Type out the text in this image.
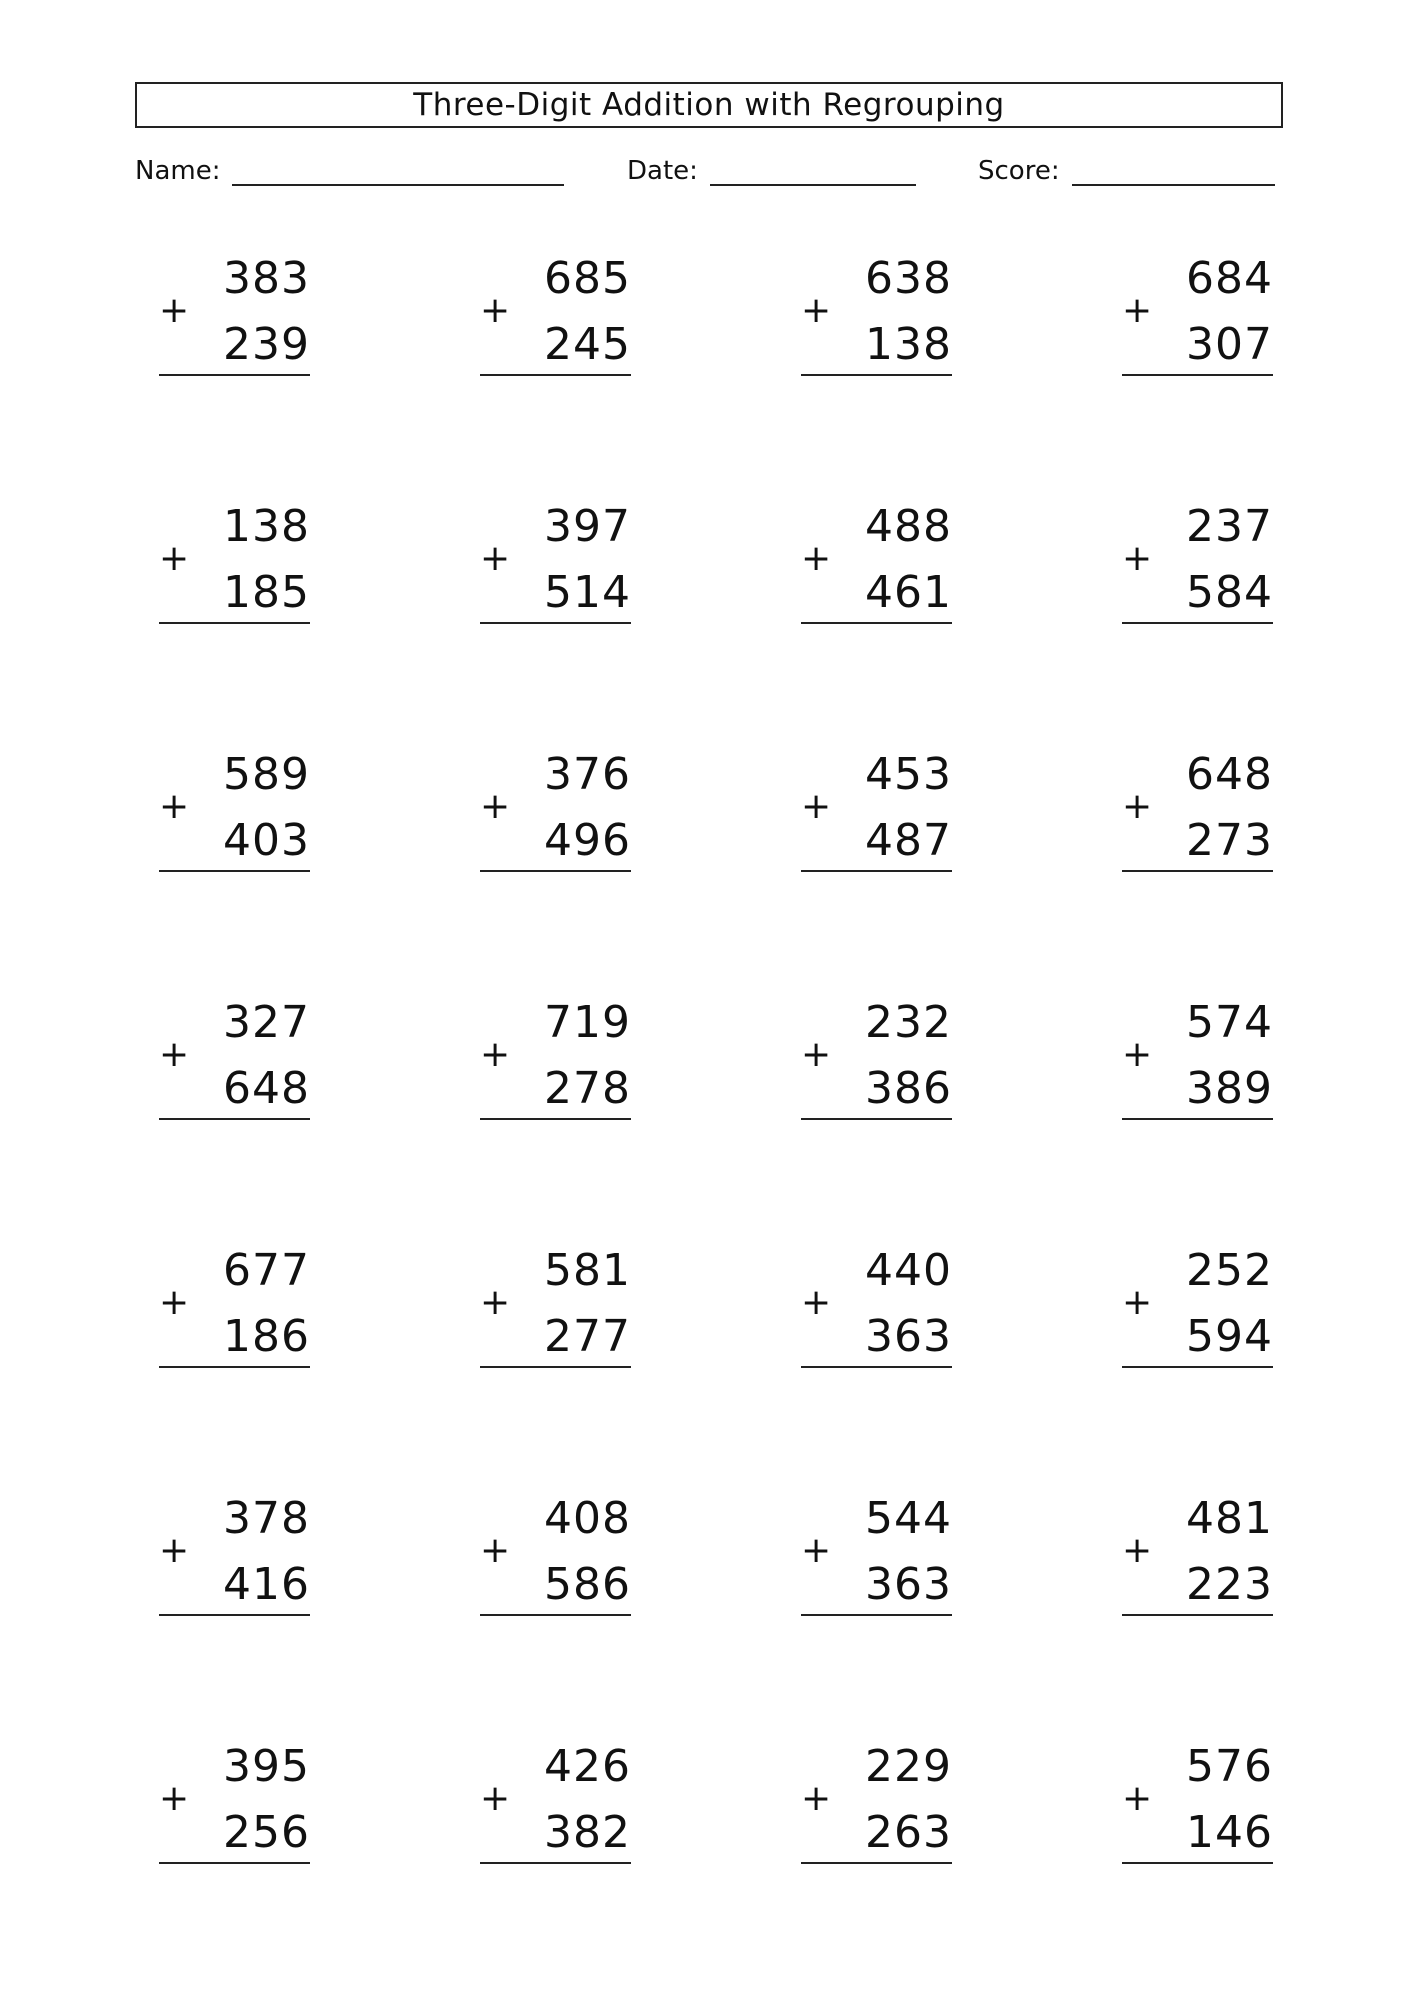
Three-Digit Addition with Regrouping
Name:	Date:	Score:
+
383
239
+
685
245
+
638
138
+
684
307
+
138
185
+
397
514
+
488
461
+
237
584
+
589
403
+
376
496
+
453
487
+
648
273
+
327
648
+
719
278
+
232
386
+
574
389
+
677
186
+
581
277
+
440
363
+
252
594
+
378
416
+
408
586
+
544
363
+
481
223
+
395
256
+
426
382
+
229
263
+
576
146
